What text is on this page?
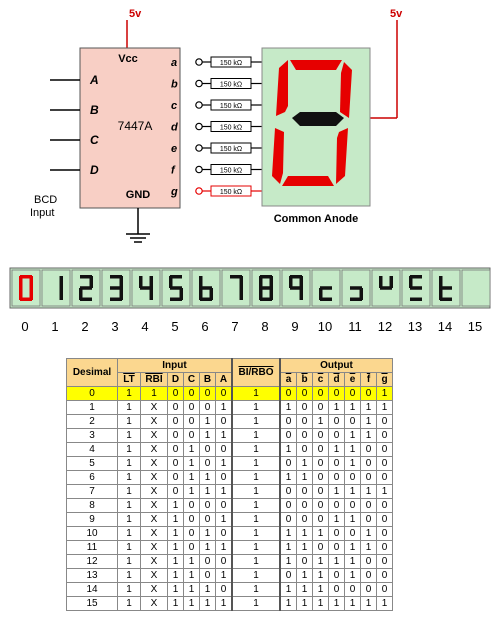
5v
Vcc
7447A
GND
A
B
C
D
BCD
Input
a	150 kΩ
b	150 kΩ
c	150 kΩ
d	150 kΩ
e	150 kΩ
f	150 kΩ
g	150 kΩ
5v
Common Anode
0 1 2 3 4 5 6 7 8 9 10 11 12 13 14 15
Desimal	Input						BI/RBO	Output						
	$\overline{LT}$	$\overline{RBI}$	D	C	B	A		$\overline{a}$	$\overline{b}$	$\overline{c}$	$\overline{d}$	$\overline{e}$	$\overline{f}$	$\overline{g}$
0	1	1	0	0	0	0	1	0	0	0	0	0	0	1
1	1	X	0	0	0	1	1	1	0	0	1	1	1	1
2	1	X	0	0	1	0	1	0	0	1	0	0	1	0
3	1	X	0	0	1	1	1	0	0	0	0	1	1	0
4	1	X	0	1	0	0	1	1	0	0	1	1	0	0
5	1	X	0	1	0	1	1	0	1	0	0	1	0	0
6	1	X	0	1	1	0	1	1	1	0	0	0	0	0
7	1	X	0	1	1	1	1	0	0	0	1	1	1	1
8	1	X	1	0	0	0	1	0	0	0	0	0	0	0
9	1	X	1	0	0	1	1	0	0	0	1	1	0	0
10	1	X	1	0	1	0	1	1	1	1	0	0	1	0
11	1	X	1	0	1	1	1	1	1	0	0	1	1	0
12	1	X	1	1	0	0	1	1	0	1	1	1	0	0
13	1	X	1	1	0	1	1	0	1	1	0	1	0	0
14	1	X	1	1	1	0	1	1	1	1	0	0	0	0
15	1	X	1	1	1	1	1	1	1	1	1	1	1	1
